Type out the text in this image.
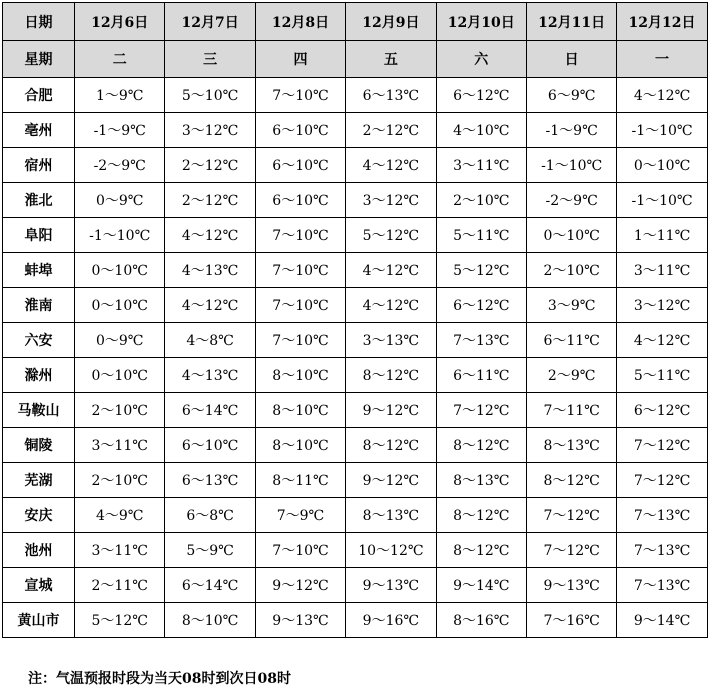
日期	12月6日	12月7日	12月8日	12月9日	12月10日	12月11日	12月12日
星期	二	三	四	五	六	日	一
合肥	1～9℃	5～10℃	7～10℃	6～13℃	6～12℃	6～9℃	4～12℃
亳州	-1～9℃	3～12℃	6～10℃	2～12℃	4～10℃	-1～9℃	-1～10℃
宿州	-2～9℃	2～12℃	6～10℃	4～12℃	3～11℃	-1～10℃	0～10℃
淮北	0～9℃	2～12℃	6～10℃	3～12℃	2～10℃	-2～9℃	-1～10℃
阜阳	-1～10℃	4～12℃	7～10℃	5～12℃	5～11℃	0～10℃	1～11℃
蚌埠	0～10℃	4～13℃	7～10℃	4～12℃	5～12℃	2～10℃	3～11℃
淮南	0～10℃	4～12℃	7～10℃	4～12℃	6～12℃	3～9℃	3～12℃
六安	0～9℃	4～8℃	7～10℃	3～13℃	7～13℃	6～11℃	4～12℃
滁州	0～10℃	4～13℃	8～10℃	8～12℃	6～11℃	2～9℃	5～11℃
马鞍山	2～10℃	6～14℃	8～10℃	9～12℃	7～12℃	7～11℃	6～12℃
铜陵	3～11℃	6～10℃	8～10℃	8～12℃	8～12℃	8～13℃	7～12℃
芜湖	2～10℃	6～13℃	8～11℃	9～12℃	8～13℃	8～12℃	7～12℃
安庆	4～9℃	6～8℃	7～9℃	8～13℃	8～12℃	7～12℃	7～13℃
池州	3～11℃	5～9℃	7～10℃	10～12℃	8～12℃	7～12℃	7～13℃
宣城	2～11℃	6～14℃	9～12℃	9～13℃	9～14℃	9～13℃	7～13℃
黄山市	5～12℃	8～10℃	9～13℃	9～16℃	8～16℃	7～16℃	9～14℃
注：气温预报时段为当天08时到次日08时
